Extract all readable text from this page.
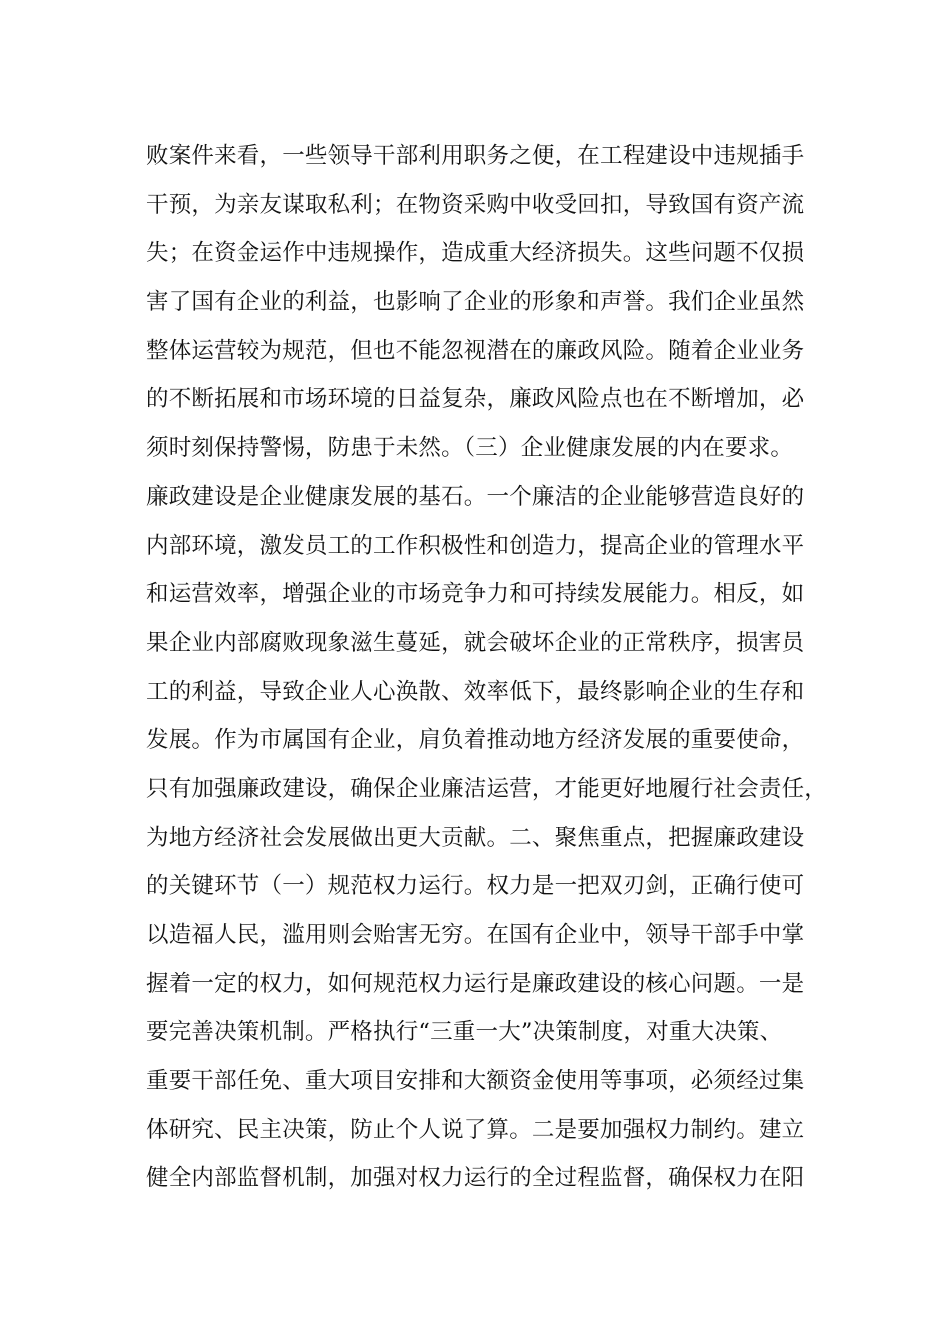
败案件来看，一些领导干部利用职务之便，在工程建设中违规插手
干预，为亲友谋取私利；在物资采购中收受回扣，导致国有资产流
失；在资金运作中违规操作，造成重大经济损失。这些问题不仅损
害了国有企业的利益，也影响了企业的形象和声誉。我们企业虽然
整体运营较为规范，但也不能忽视潜在的廉政风险。随着企业业务
的不断拓展和市场环境的日益复杂，廉政风险点也在不断增加，必
须时刻保持警惕，防患于未然。（三）企业健康发展的内在要求。
廉政建设是企业健康发展的基石。一个廉洁的企业能够营造良好的
内部环境，激发员工的工作积极性和创造力，提高企业的管理水平
和运营效率，增强企业的市场竞争力和可持续发展能力。相反，如
果企业内部腐败现象滋生蔓延，就会破坏企业的正常秩序，损害员
工的利益，导致企业人心涣散、效率低下，最终影响企业的生存和
发展。作为市属国有企业，肩负着推动地方经济发展的重要使命，
只有加强廉政建设，确保企业廉洁运营，才能更好地履行社会责任，
为地方经济社会发展做出更大贡献。二、聚焦重点，把握廉政建设
的关键环节（一）规范权力运行。权力是一把双刃剑，正确行使可
以造福人民，滥用则会贻害无穷。在国有企业中，领导干部手中掌
握着一定的权力，如何规范权力运行是廉政建设的核心问题。一是
要完善决策机制。严格执行“三重一大”决策制度，对重大决策、
重要干部任免、重大项目安排和大额资金使用等事项，必须经过集
体研究、民主决策，防止个人说了算。二是要加强权力制约。建立
健全内部监督机制，加强对权力运行的全过程监督，确保权力在阳
